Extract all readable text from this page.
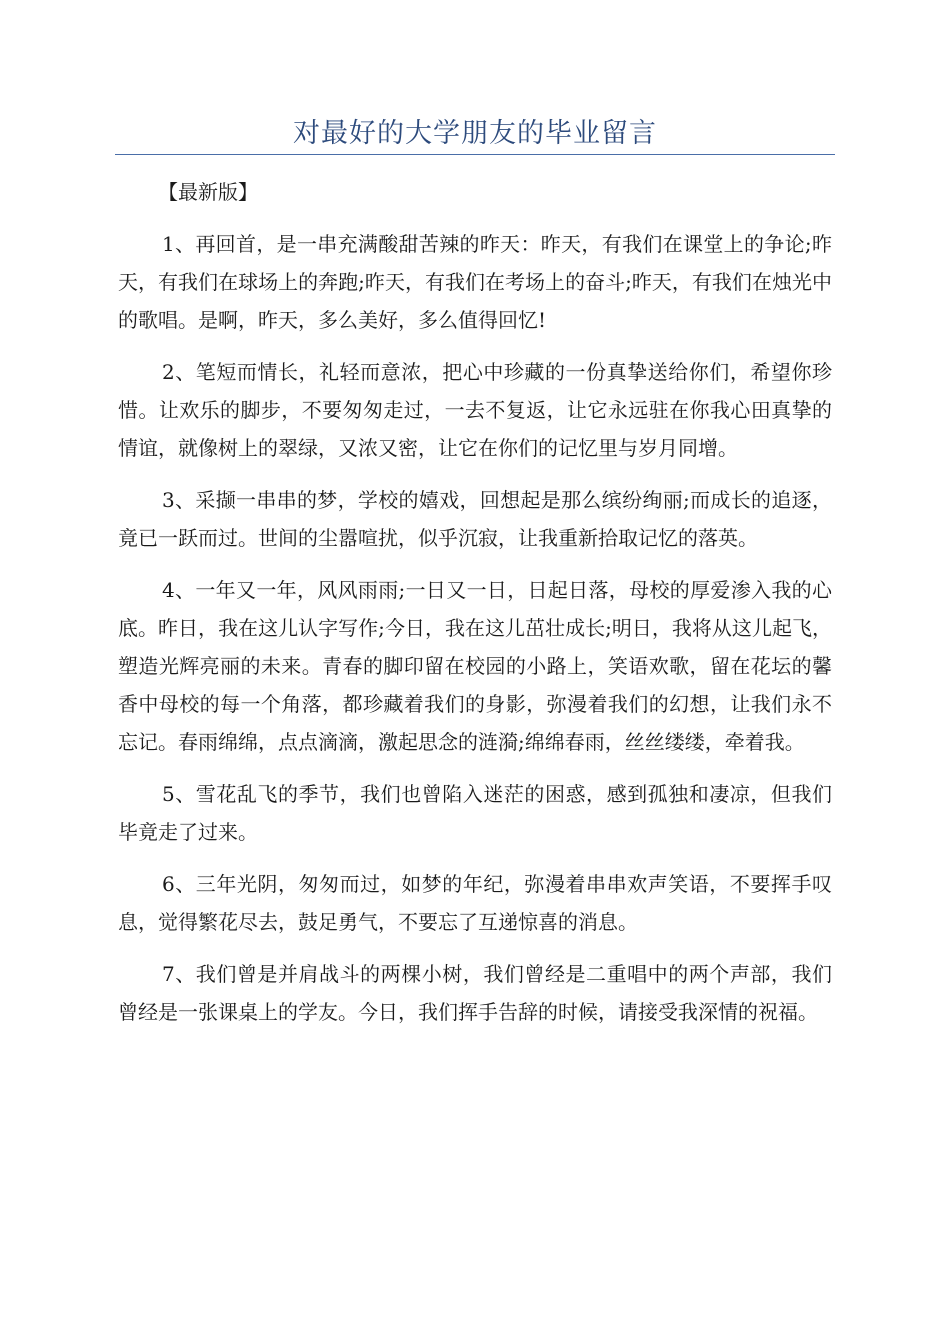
对最好的大学朋友的毕业留言

【最新版】

1、再回首，是一串充满酸甜苦辣的昨天：昨天，有我们在课堂上的争论;昨天，有我们在球场上的奔跑;昨天，有我们在考场上的奋斗;昨天，有我们在烛光中的歌唱。是啊，昨天，多么美好，多么值得回忆!

2、笔短而情长，礼轻而意浓，把心中珍藏的一份真挚送给你们，希望你珍惜。让欢乐的脚步，不要匆匆走过，一去不复返，让它永远驻在你我心田真挚的情谊，就像树上的翠绿，又浓又密，让它在你们的记忆里与岁月同增。

3、采撷一串串的梦，学校的嬉戏，回想起是那么缤纷绚丽;而成长的追逐，竟已一跃而过。世间的尘嚣喧扰，似乎沉寂，让我重新拾取记忆的落英。

4、一年又一年，风风雨雨;一日又一日，日起日落，母校的厚爱渗入我的心底。昨日，我在这儿认字写作;今日，我在这儿茁壮成长;明日，我将从这儿起飞，塑造光辉亮丽的未来。青春的脚印留在校园的小路上，笑语欢歌，留在花坛的馨香中母校的每一个角落，都珍藏着我们的身影，弥漫着我们的幻想，让我们永不忘记。春雨绵绵，点点滴滴，激起思念的涟漪;绵绵春雨，丝丝缕缕，牵着我。

5、雪花乱飞的季节，我们也曾陷入迷茫的困惑，感到孤独和凄凉，但我们毕竟走了过来。

6、三年光阴，匆匆而过，如梦的年纪，弥漫着串串欢声笑语，不要挥手叹息，觉得繁花尽去，鼓足勇气，不要忘了互递惊喜的消息。

7、我们曾是并肩战斗的两棵小树，我们曾经是二重唱中的两个声部，我们曾经是一张课桌上的学友。今日，我们挥手告辞的时候，请接受我深情的祝福。
